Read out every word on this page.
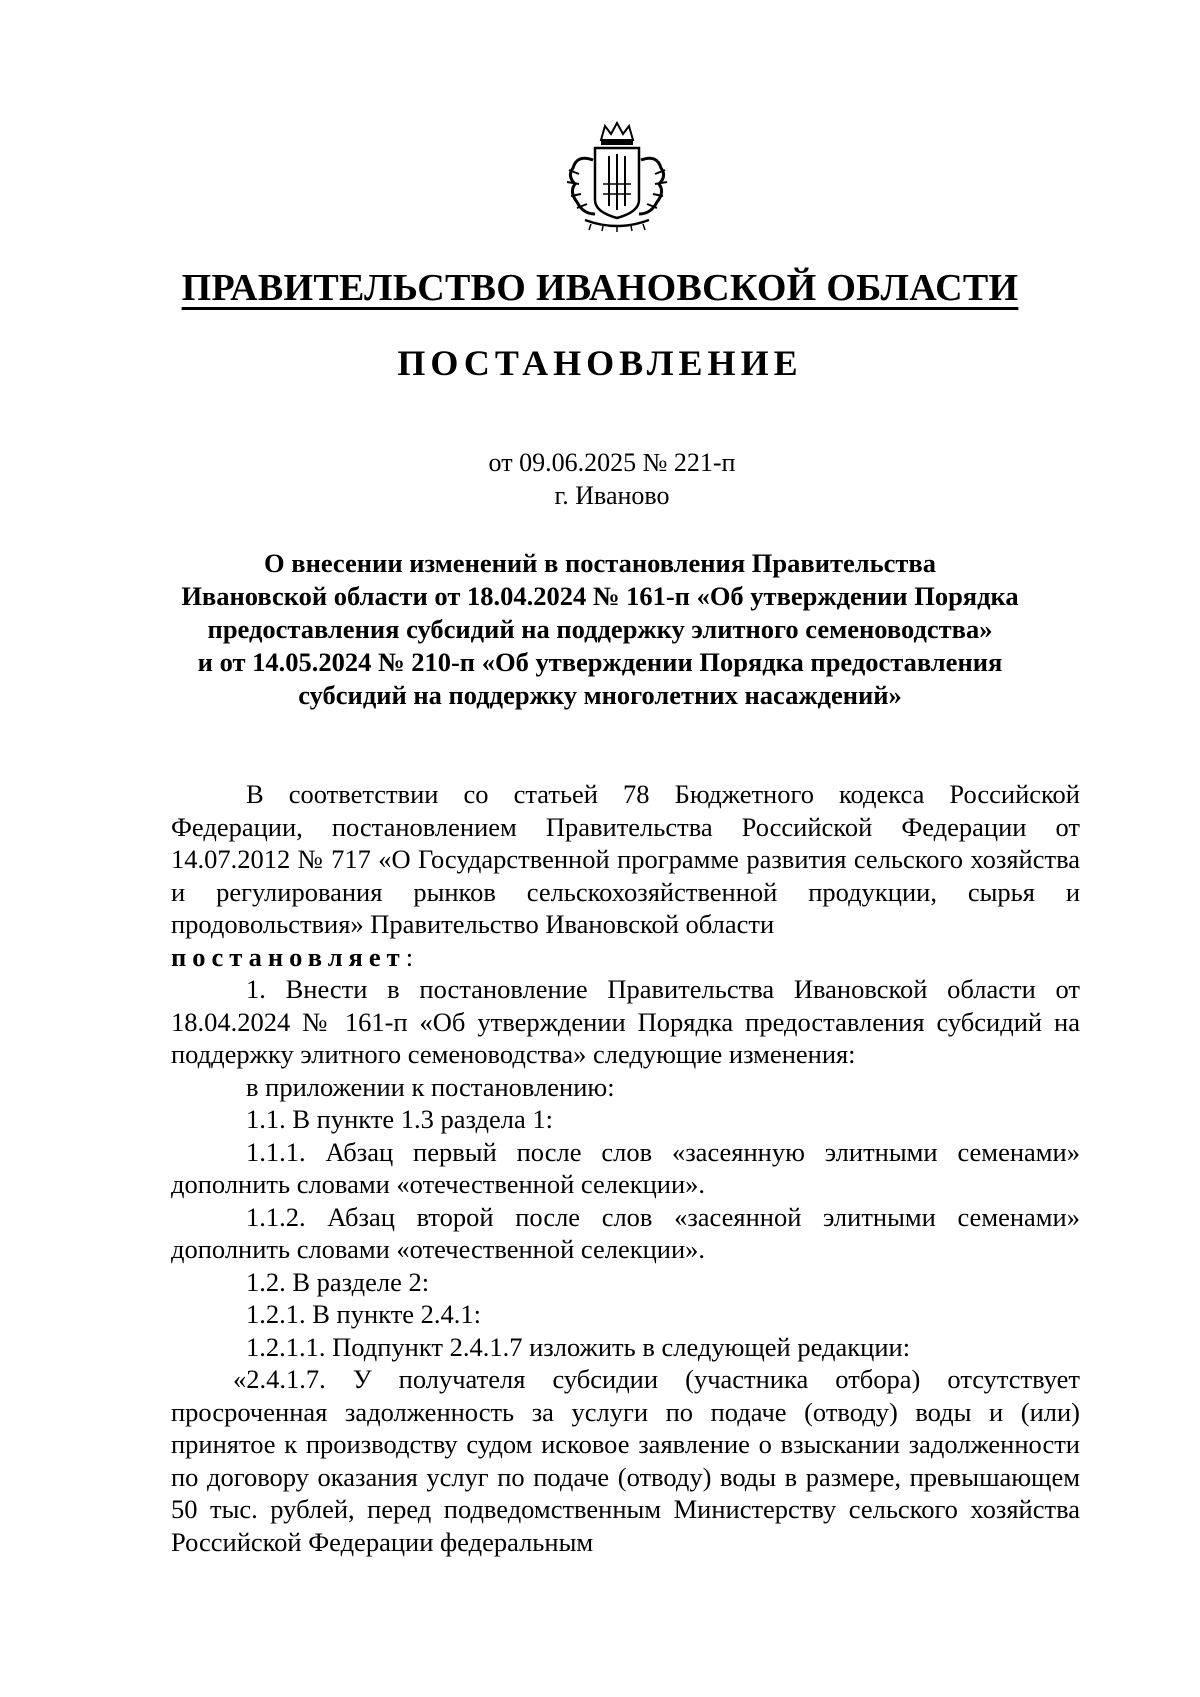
ПРАВИТЕЛЬСТВО ИВАНОВСКОЙ ОБЛАСТИ
ПОСТАНОВЛЕНИЕ
от 09.06.2025 № 221-п
г. Иваново
О внесении изменений в постановления Правительства
Ивановской области от 18.04.2024 № 161-п «Об утверждении Порядка
предоставления субсидий на поддержку элитного семеноводства»
и от 14.05.2024 № 210-п «Об утверждении Порядка предоставления
субсидий на поддержку многолетних насаждений»

В соответствии со статьей 78 Бюджетного кодекса Российской Федерации, постановлением Правительства Российской Федерации от 14.07.2012 № 717 «О Государственной программе развития сельского хозяйства и регулирования рынков сельскохозяйственной продукции, сырья и продовольствия» Правительство Ивановской области
постановляет:

1. Внести в постановление Правительства Ивановской области от 18.04.2024 № 161-п «Об утверждении Порядка предоставления субсидий на поддержку элитного семеноводства» следующие изменения:

в приложении к постановлению:

1.1. В пункте 1.3 раздела 1:

1.1.1. Абзац первый после слов «засеянную элитными семенами» дополнить словами «отечественной селекции».

1.1.2. Абзац второй после слов «засеянной элитными семенами» дополнить словами «отечественной селекции».

1.2. В разделе 2:

1.2.1. В пункте 2.4.1:

1.2.1.1. Подпункт 2.4.1.7 изложить в следующей редакции:

«2.4.1.7. У получателя субсидии (участника отбора) отсутствует просроченная задолженность за услуги по подаче (отводу) воды и (или) принятое к производству судом исковое заявление о взыскании задолженности по договору оказания услуг по подаче (отводу) воды в размере, превышающем 50 тыс. рублей, перед подведомственным Министерству сельского хозяйства Российской Федерации федеральным
